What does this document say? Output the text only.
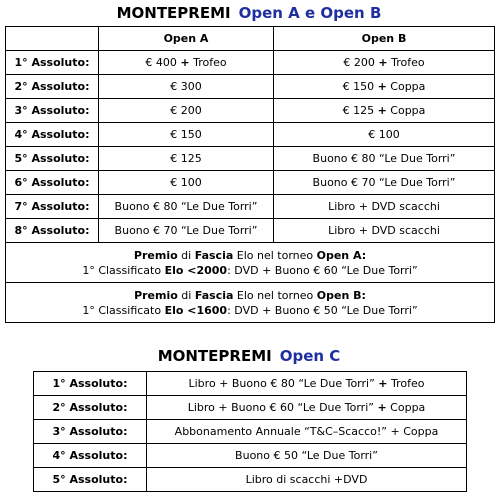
MONTEPREMI Open A e Open B
	Open A	Open B
1° Assoluto:	€ 400 + Trofeo	€ 200 + Trofeo
2° Assoluto:	€ 300	€ 150 + Coppa
3° Assoluto:	€ 200	€ 125 + Coppa
4° Assoluto:	€ 150	€ 100
5° Assoluto:	€ 125	Buono € 80 “Le Due Torri”
6° Assoluto:	€ 100	Buono € 70 “Le Due Torri”
7° Assoluto:	Buono € 80 “Le Due Torri”	Libro + DVD scacchi
8° Assoluto:	Buono € 70 “Le Due Torri”	Libro + DVD scacchi
Premio di Fascia Elo nel torneo Open A:
1° Classificato Elo <2000: DVD + Buono € 60 “Le Due Torri”		
Premio di Fascia Elo nel torneo Open B:
1° Classificato Elo <1600: DVD + Buono € 50 “Le Due Torri”		
MONTEPREMI Open C
1° Assoluto:	Libro + Buono € 80 “Le Due Torri” + Trofeo
2° Assoluto:	Libro + Buono € 60 “Le Due Torri” + Coppa
3° Assoluto:	Abbonamento Annuale “T&C–Scacco!” + Coppa
4° Assoluto:	Buono € 50 “Le Due Torri”
5° Assoluto:	Libro di scacchi +DVD
